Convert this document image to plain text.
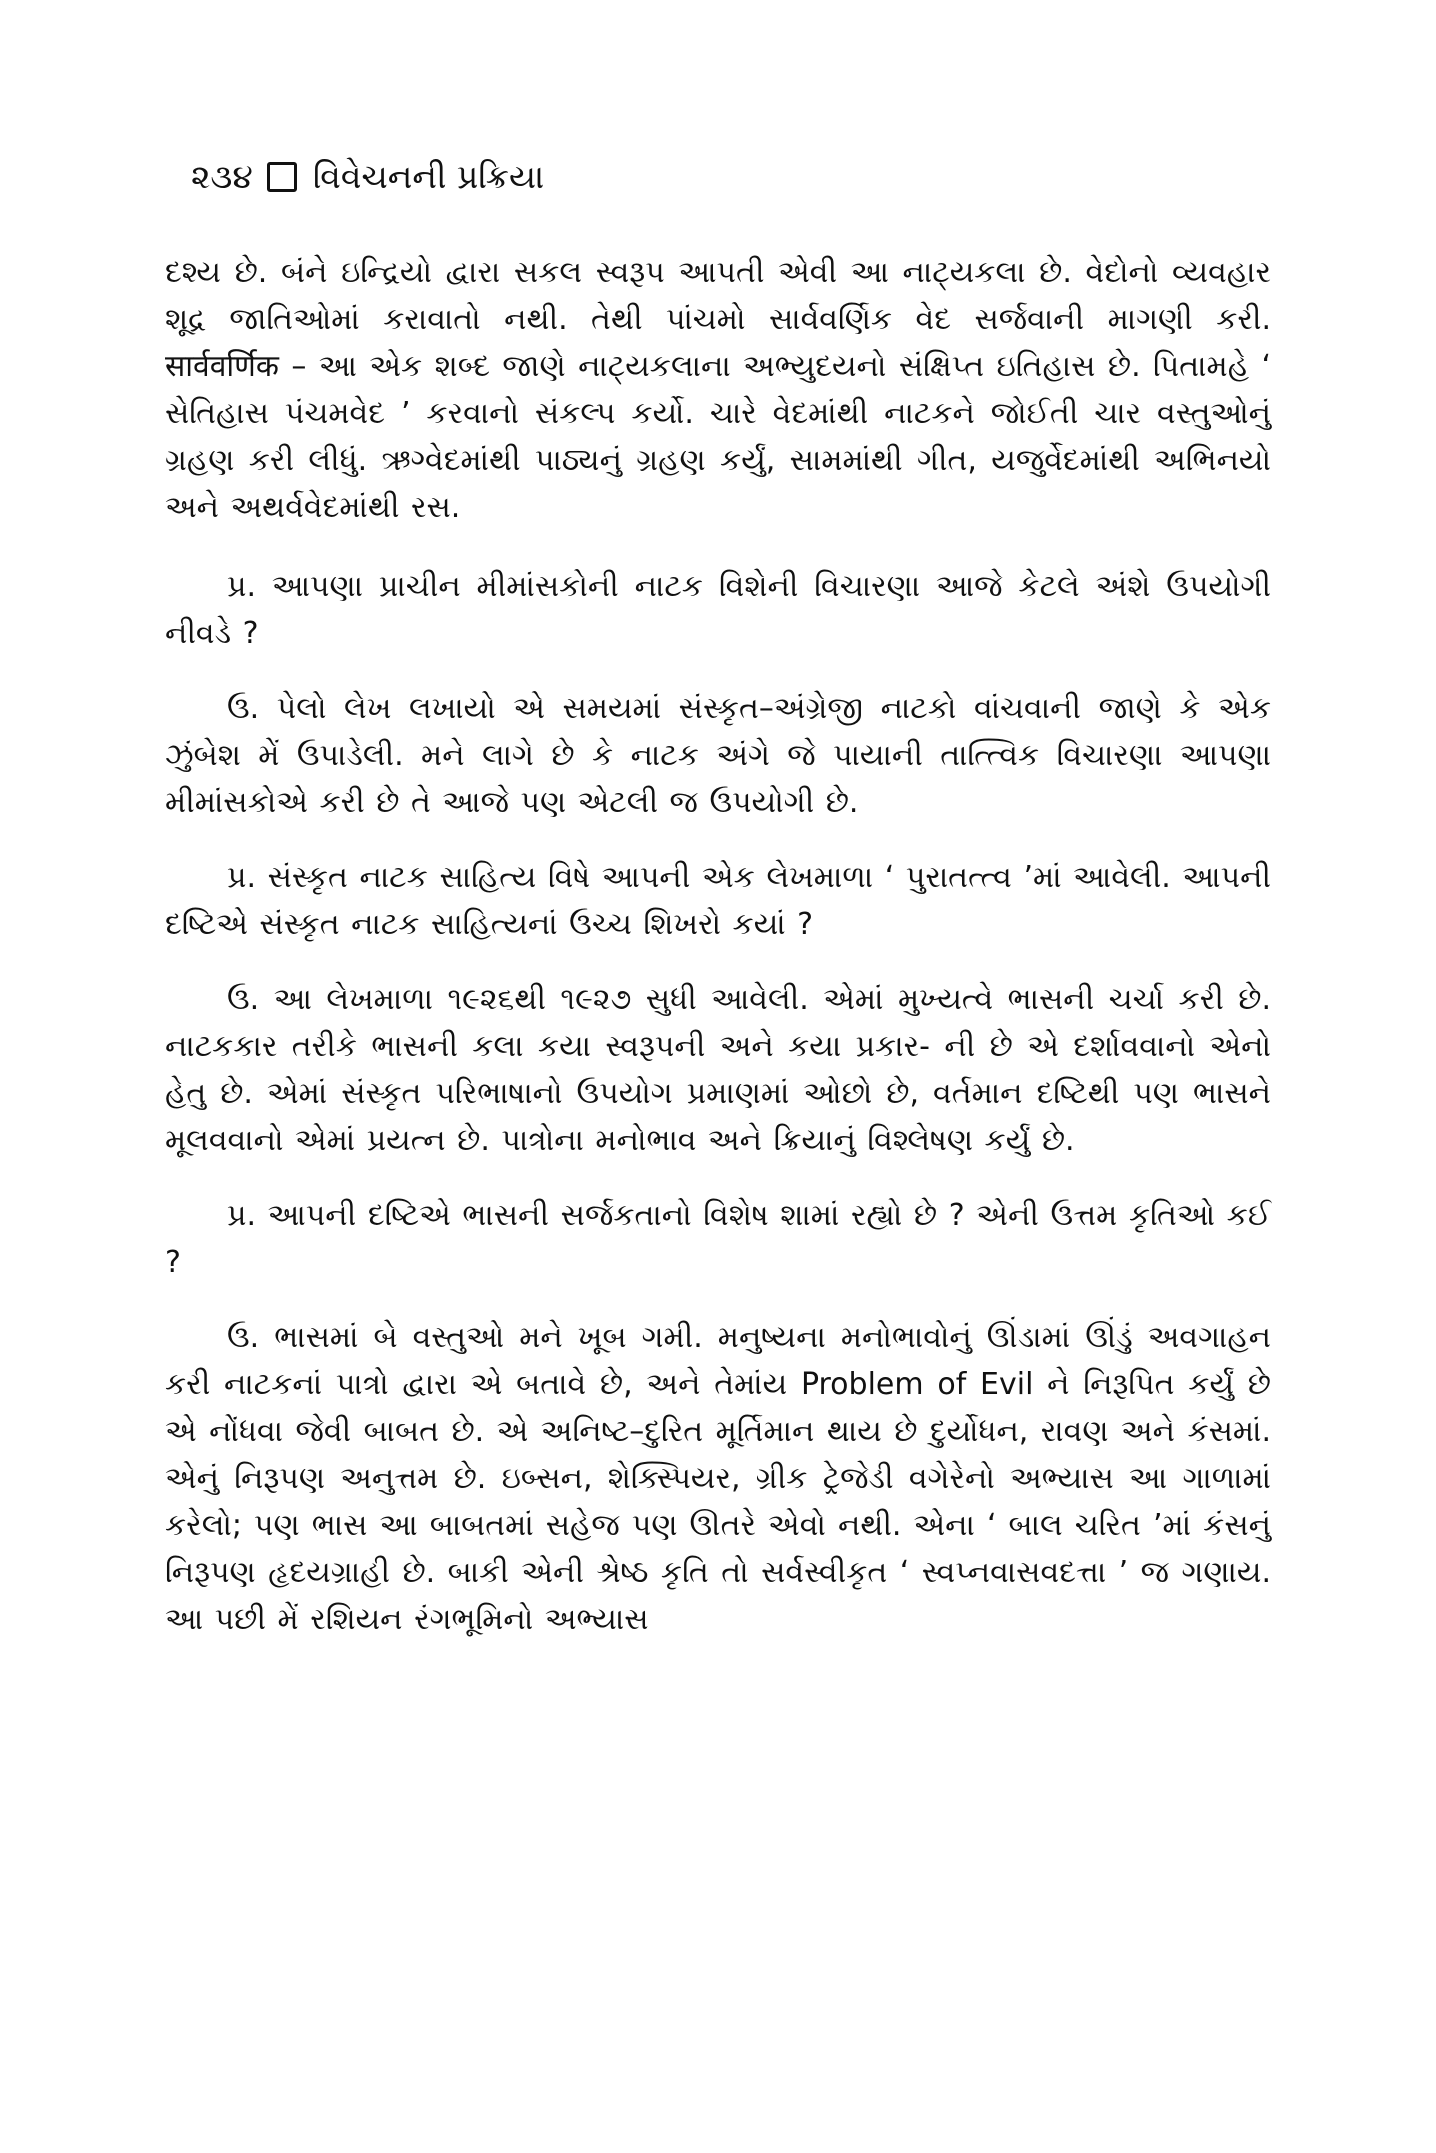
૨૩૪ વિવેચનની પ્રક્રિયા

દશ્ય છે. બંને ઇન્દ્રિયો દ્વારા સકલ સ્વરૂપ આપતી એવી આ નાટ્યકલા છે. વેદોનો વ્યવહાર શૂદ્ર જાતિઓમાં કરાવાતો નથી. તેથી પાંચમો સાર્વવર્ણિક વેદ સર્જવાની માગણી કરી. सार्ववर्णिक – આ એક શબ્દ જાણે નાટ્યકલાના અભ્યુદયનો સંક્ષિપ્ત ઇતિહાસ છે. પિતામહે ‘ સેતિહાસ પંચમવેદ ’ કરવાનો સંકલ્પ કર્યો. ચારે વેદમાંથી નાટકને જોઈતી ચાર વસ્તુઓનું ગ્રહણ કરી લીધું. ઋગ્વેદમાંથી પાઠ્યનું ગ્રહણ કર્યું, સામમાંથી ગીત, યજુર્વેદમાંથી અભિનયો અને અથર્વવેદમાંથી રસ.

પ્ર. આપણા પ્રાચીન મીમાંસકોની નાટક વિશેની વિચારણા આજે કેટલે અંશે ઉપયોગી નીવડે ?

ઉ. પેલો લેખ લખાયો એ સમયમાં સંસ્કૃત–અંગ્રેજી નાટકો વાંચવાની જાણે કે એક ઝુંબેશ મેં ઉપાડેલી. મને લાગે છે કે નાટક અંગે જે પાયાની તાત્ત્વિક વિચારણા આપણા મીમાંસકોએ કરી છે તે આજે પણ એટલી જ ઉપયોગી છે.

પ્ર. સંસ્કૃત નાટક સાહિત્ય વિષે આપની એક લેખમાળા ‘ પુરાતત્ત્વ ’માં આવેલી. આપની દષ્ટિએ સંસ્કૃત નાટક સાહિત્યનાં ઉચ્ચ શિખરો કયાં ?

ઉ. આ લેખમાળા ૧૯૨૬થી ૧૯૨૭ સુધી આવેલી. એમાં મુખ્યત્વે ભાસની ચર્ચા કરી છે. નાટકકાર તરીકે ભાસની કલા કયા સ્વરૂપની અને કયા પ્રકાર- ની છે એ દર્શાવવાનો એનો હેતુ છે. એમાં સંસ્કૃત પરિભાષાનો ઉપયોગ પ્રમાણમાં ઓછો છે, વર્તમાન દષ્ટિથી પણ ભાસને મૂલવવાનો એમાં પ્રયત્ન છે. પાત્રોના મનોભાવ અને ક્રિયાનું વિશ્લેષણ કર્યું છે.

પ્ર. આપની દષ્ટિએ ભાસની સર્જકતાનો વિશેષ શામાં રહ્યો છે ? એની ઉત્તમ કૃતિઓ કઈ ?

ઉ. ભાસમાં બે વસ્તુઓ મને ખૂબ ગમી. મનુષ્યના મનોભાવોનું ઊંડામાં ઊંડું અવગાહન કરી નાટકનાં પાત્રો દ્વારા એ બતાવે છે, અને તેમાંય Problem of Evil ને નિરૂપિત કર્યું છે એ નોંધવા જેવી બાબત છે. એ અનિષ્ટ–દુરિત મૂર્તિમાન થાય છે દુર્યોધન, રાવણ અને કંસમાં. એનું નિરૂપણ અનુત્તમ છે. ઇબ્સન, શેક્સ્પિયર, ગ્રીક ટ્રેજેડી વગેરેનો અભ્યાસ આ ગાળામાં કરેલો; પણ ભાસ આ બાબતમાં સહેજ પણ ઊતરે એવો નથી. એના ‘ બાલ ચરિત ’માં કંસનું નિરૂપણ હૃદયગ્રાહી છે. બાકી એની શ્રેષ્ઠ કૃતિ તો સર્વસ્વીકૃત ‘ સ્વપ્નવાસવદત્તા ’ જ ગણાય. આ પછી મેં રશિયન રંગભૂમિનો અભ્યાસ
